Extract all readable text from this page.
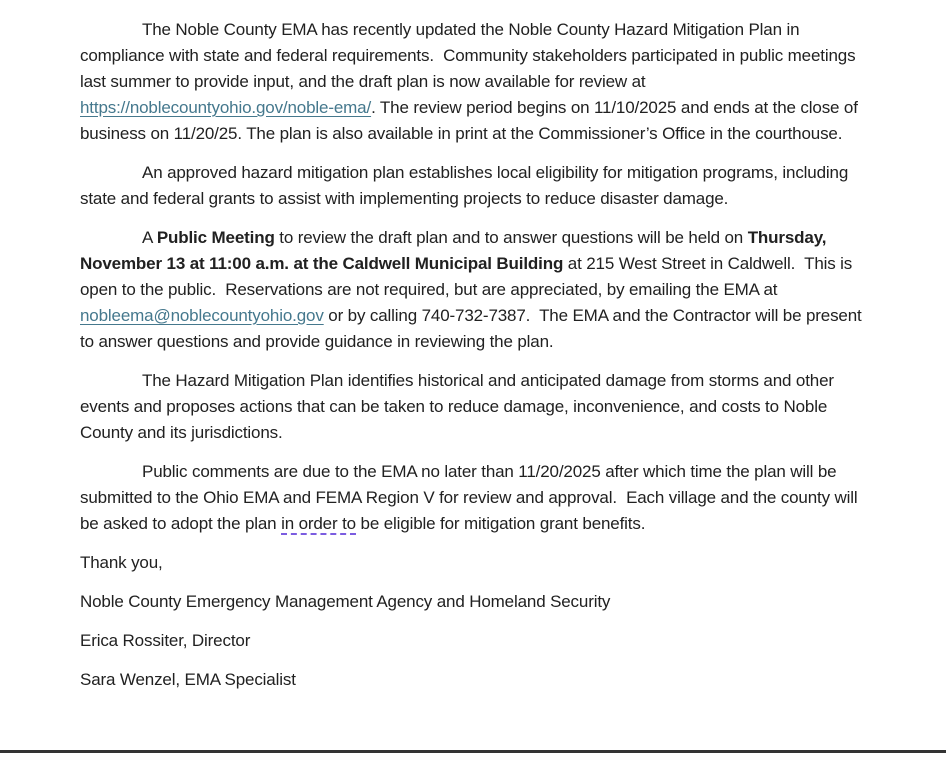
The Noble County EMA has recently updated the Noble County Hazard Mitigation Plan in compliance with state and federal requirements.  Community stakeholders participated in public meetings last summer to provide input, and the draft plan is now available for review at https://noblecountyohio.gov/noble-ema/. The review period begins on 11/10/2025 and ends at the close of business on 11/20/25. The plan is also available in print at the Commissioner’s Office in the courthouse.

An approved hazard mitigation plan establishes local eligibility for mitigation programs, including state and federal grants to assist with implementing projects to reduce disaster damage.

A Public Meeting to review the draft plan and to answer questions will be held on Thursday, November 13 at 11:00 a.m. at the Caldwell Municipal Building at 215 West Street in Caldwell.  This is open to the public.  Reservations are not required, but are appreciated, by emailing the EMA at nobleema@noblecountyohio.gov or by calling 740-732-7387.  The EMA and the Contractor will be present to answer questions and provide guidance in reviewing the plan.

The Hazard Mitigation Plan identifies historical and anticipated damage from storms and other events and proposes actions that can be taken to reduce damage, inconvenience, and costs to Noble County and its jurisdictions.

Public comments are due to the EMA no later than 11/20/2025 after which time the plan will be submitted to the Ohio EMA and FEMA Region V for review and approval.  Each village and the county will be asked to adopt the plan in order to be eligible for mitigation grant benefits.

Thank you,

Noble County Emergency Management Agency and Homeland Security

Erica Rossiter, Director

Sara Wenzel, EMA Specialist
